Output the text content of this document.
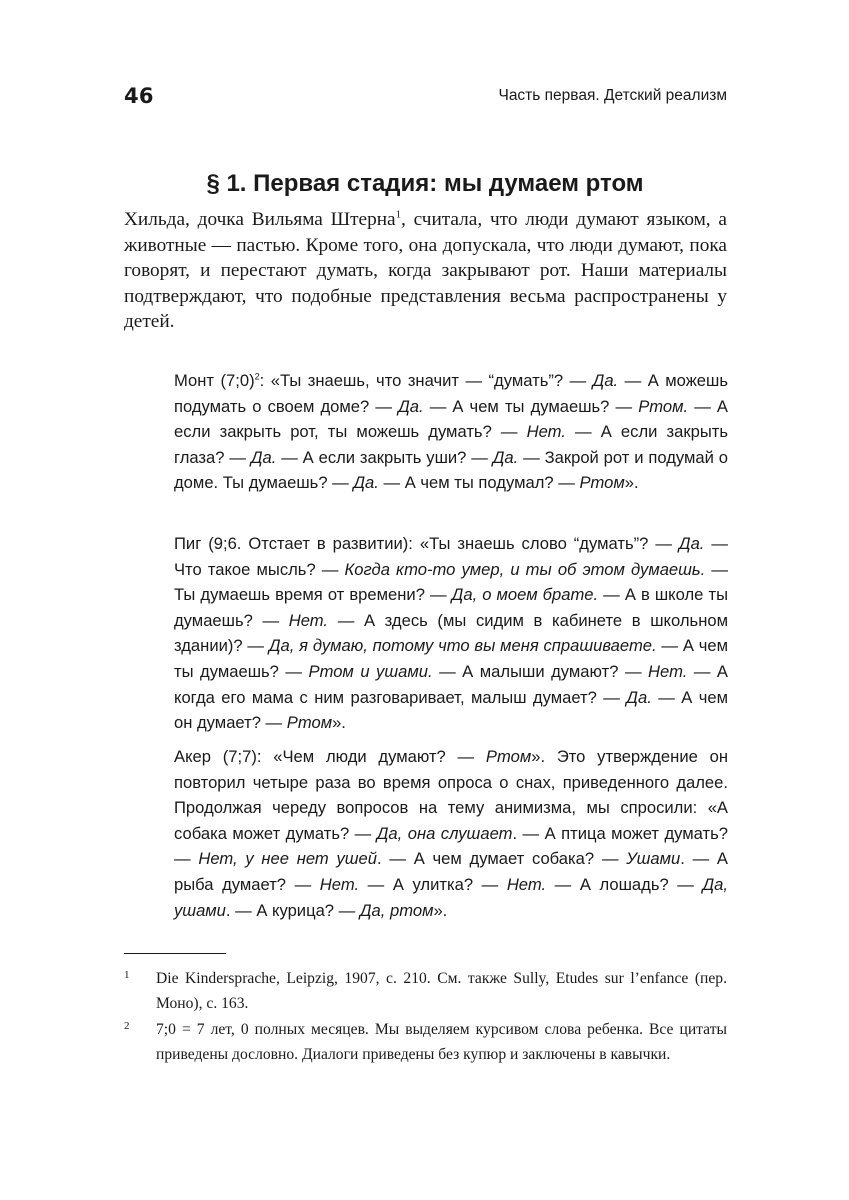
46	Часть первая. Детский реализм
§ 1. Первая стадия: мы думаем ртом

Хильда, дочка Вильяма Штерна$^1$, считала, что люди думают языком, а животные — пастью. Кроме того, она допускала, что люди думают, пока говорят, и перестают думать, когда закрывают рот. Наши материалы подтверждают, что подобные представления весьма распространены у детей.

Монт (7;0)$^2$: «Ты знаешь, что значит — “думать”? — Да. — А можешь подумать о своем доме? — Да. — А чем ты думаешь? — Ртом. — А если закрыть рот, ты можешь думать? — Нет. — А если закрыть глаза? — Да. — А если закрыть уши? — Да. — Закрой рот и подумай о доме. Ты думаешь? — Да. — А чем ты подумал? — Ртом».

Пиг (9;6. Отстает в развитии): «Ты знаешь слово “думать”? — Да. — Что такое мысль? — Когда кто-то умер, и ты об этом думаешь. — Ты думаешь время от времени? — Да, о моем брате. — А в школе ты думаешь? — Нет. — А здесь (мы сидим в кабинете в школьном здании)? — Да, я думаю, потому что вы меня спрашиваете. — А чем ты думаешь? — Ртом и ушами. — А малыши думают? — Нет. — А когда его мама с ним разговаривает, малыш думает? — Да. — А чем он думает? — Ртом».

Акер (7;7): «Чем люди думают? — Ртом». Это утверждение он повторил четыре раза во время опроса о снах, приведенного далее. Продолжая череду вопросов на тему анимизма, мы спросили: «А собака может думать? — Да, она слушает. — А птица может думать? — Нет, у нее нет ушей. — А чем думает собака? — Ушами. — А рыба думает? — Нет. — А улитка? — Нет. — А лошадь? — Да, ушами. — А курица? — Да, ртом».

1 Die Kindersprache, Leipzig, 1907, с. 210. См. также Sully, Etudes sur l’enfance (пер. Моно), с. 163.

2 7;0 = 7 лет, 0 полных месяцев. Мы выделяем курсивом слова ребенка. Все цитаты приведены дословно. Диалоги приведены без купюр и заключены в кавычки.
